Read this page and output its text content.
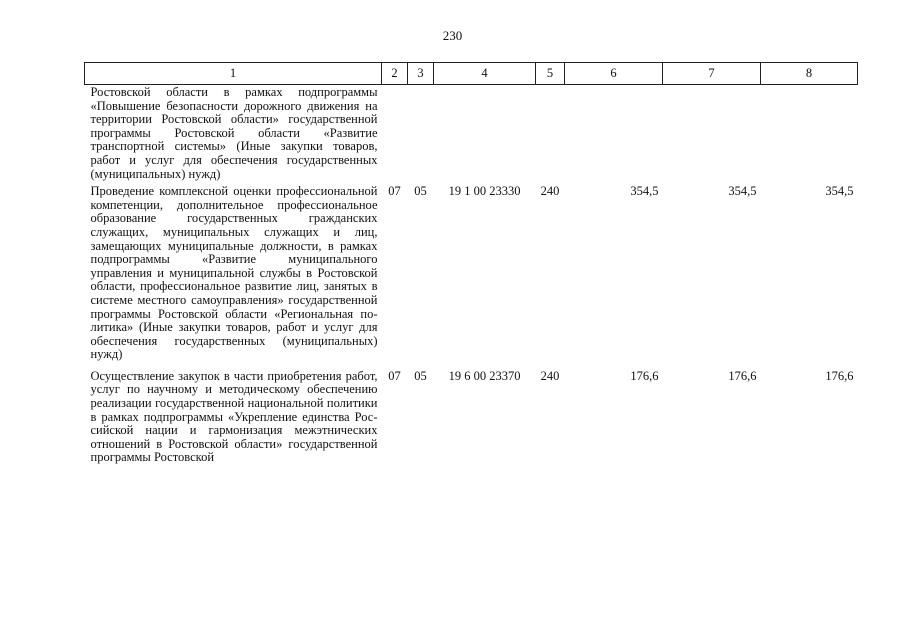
230
1	2	3	4	5	6	7	8
Ростовской области в рамках подпрограммы «Повышение безопасности дорожного движения на территории Ростовской области» государственной программы Ростовской области «Развитие транспортной системы» (Иные закупки товаров, работ и услуг для обеспечения государственных (муниципальных) нужд)							
Проведение комплексной оценки профессиональной компетенции, дополнительное профессиональное образование государственных гражданских служащих, муниципальных служащих и лиц, замещающих муниципальные должности, в рамках подпрограммы «Развитие муниципального управления и муниципальной службы в Ростовской области, профессиональное развитие лиц, занятых в системе местного самоуправления» государственной программы Ростовской области «Региональная политика» (Иные закупки товаров, работ и услуг для обеспечения государственных (муниципальных) нужд)	07	05	19 1 00 23330	240	354,5	354,5	354,5
Осуществление закупок в части приобретения работ, услуг по научному и методическому обеспечению реализации государственной национальной политики в рамках подпрограммы «Укрепление единства Российской нации и гармонизация межэтнических отношений в Ростовской области» государственной программы Ростовской	07	05	19 6 00 23370	240	176,6	176,6	176,6
